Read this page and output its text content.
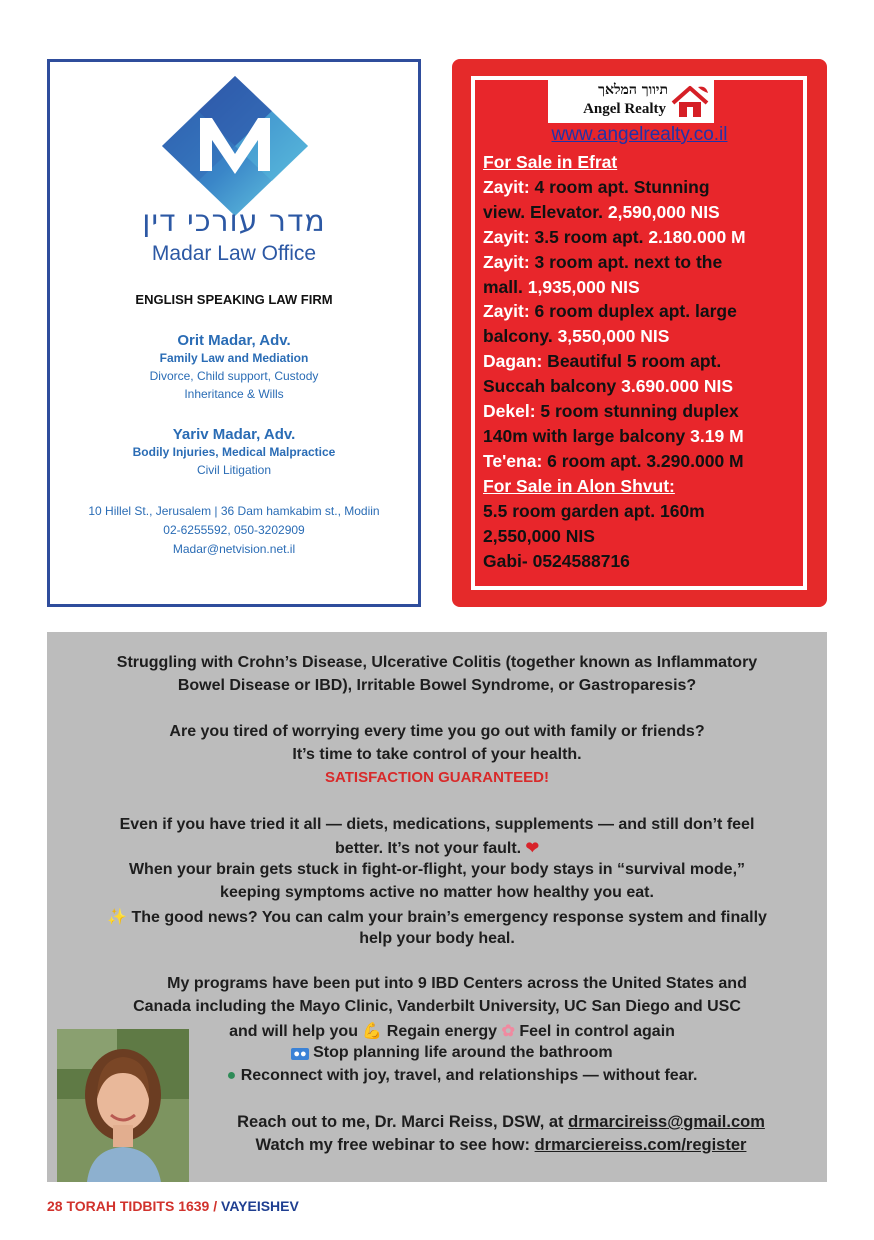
מדר עורכי דין
Madar Law Office
ENGLISH SPEAKING LAW FIRM
Orit Madar, Adv.
Family Law and Mediation
Divorce, Child support, Custody
Inheritance & Wills
Yariv Madar, Adv.
Bodily Injuries, Medical Malpractice
Civil Litigation
10 Hillel St., Jerusalem | 36 Dam hamkabim st., Modiin
02-6255592, 050-3202909
Madar@netvision.net.il
תיווך המלאך
Angel Realty
www.angelrealty.co.il
For Sale in Efrat
Zayit: 4 room apt. Stunning
view. Elevator. 2,590,000 NIS
Zayit: 3.5 room apt. 2.180.000 M
Zayit: 3 room apt. next to the
mall. 1,935,000 NIS
Zayit: 6 room duplex apt. large
balcony. 3,550,000 NIS
Dagan: Beautiful 5 room apt.
Succah balcony 3.690.000 NIS
Dekel: 5 room stunning duplex
140m with large balcony 3.19 M
Te'ena: 6 room apt. 3.290.000 M
For Sale in Alon Shvut:
5.5 room garden apt. 160m
2,550,000 NIS
Gabi- 0524588716
Struggling with Crohn’s Disease, Ulcerative Colitis (together known as Inflammatory
Bowel Disease or IBD), Irritable Bowel Syndrome, or Gastroparesis?
Are you tired of worrying every time you go out with family or friends?
It’s time to take control of your health.
SATISFACTION GUARANTEED!
Even if you have tried it all — diets, medications, supplements — and still don’t feel
better. It’s not your fault. ❤
When your brain gets stuck in fight-or-flight, your body stays in “survival mode,”
keeping symptoms active no matter how healthy you eat.
✨ The good news? You can calm your brain’s emergency response system and finally
help your body heal.
My programs have been put into 9 IBD Centers across the United States and
Canada including the Mayo Clinic, Vanderbilt University, UC San Diego and USC
and will help you 💪 Regain energy ✿ Feel in control again
●● Stop planning life around the bathroom
● Reconnect with joy, travel, and relationships — without fear.
Reach out to me, Dr. Marci Reiss, DSW, at drmarcireiss@gmail.com
Watch my free webinar to see how: drmarciereiss.com/register
28 TORAH TIDBITS 1639 / VAYEISHEV
